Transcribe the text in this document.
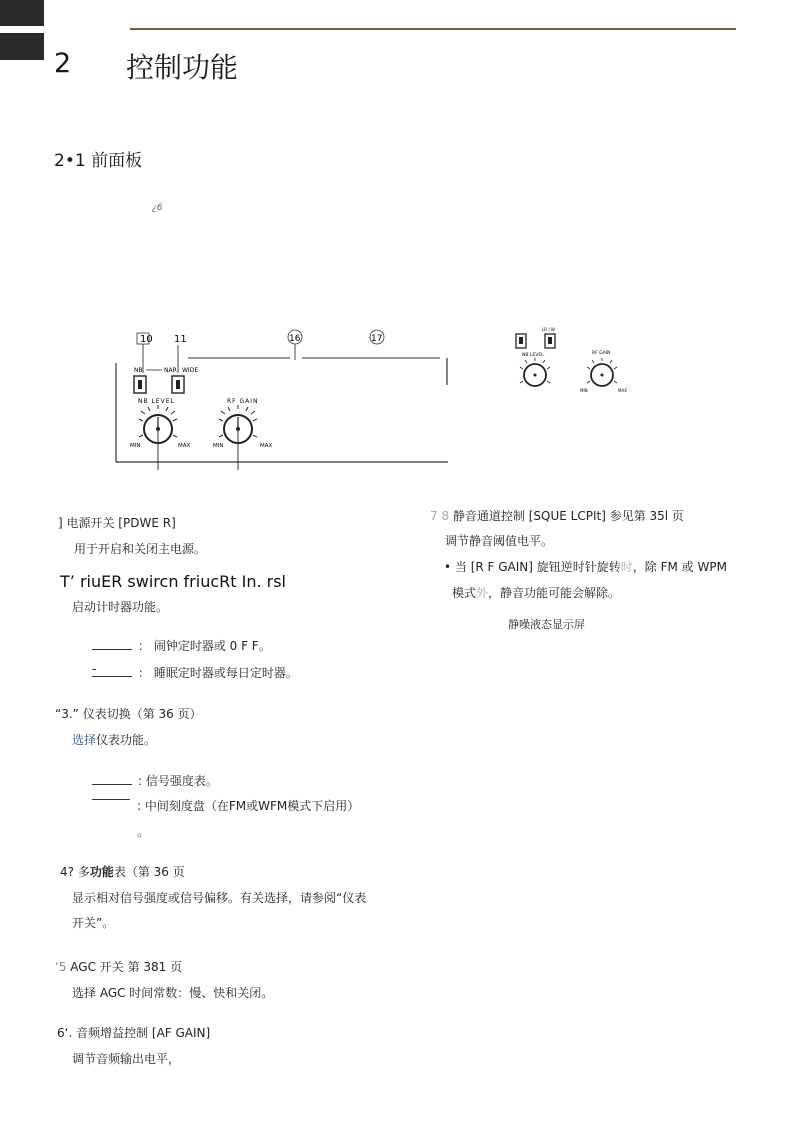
2 控制功能
2•1 前面板
¿6
10 11	16	17
NB	NAR WIDE
NB LEVEL
MIN	MAX
RF GAIN
MIN	MAX
LR / W
NB LEVEL	RF GAIN
MIN	MAX
] 电源开关 [PDWE R]
用于开启和关闭主电源。
T’ riuER swircn friucRt In. rsl
启动计时器功能。
： 闹钟定时器或 0 F F。
-	： 睡眠定时器或每日定时器。
“3.” 仪表切换（第 36 页）
选择仪表功能。
: 信号强度表。
: 中间刻度盘（在FM或WFM模式下启用）
。
4? 多功能表（第 36 页
显示相对信号强度或信号偏移。有关选择，请参阅“仪表
开关”。
‘5 AGC 开关 第 381 页
选择 AGC 时间常数：慢、快和关闭。
6‘. 音频增益控制 [AF GAIN]
调节音频输出电平，
7 8 静音通道控制 [SQUE LCPIt] 参见第 35l 页
调节静音阈值电平。
• 当 [R F GAIN] 旋钮逆时针旋转时，除 FM 或 WPM
模式外，静音功能可能会解除。
静噪液态显示屏
